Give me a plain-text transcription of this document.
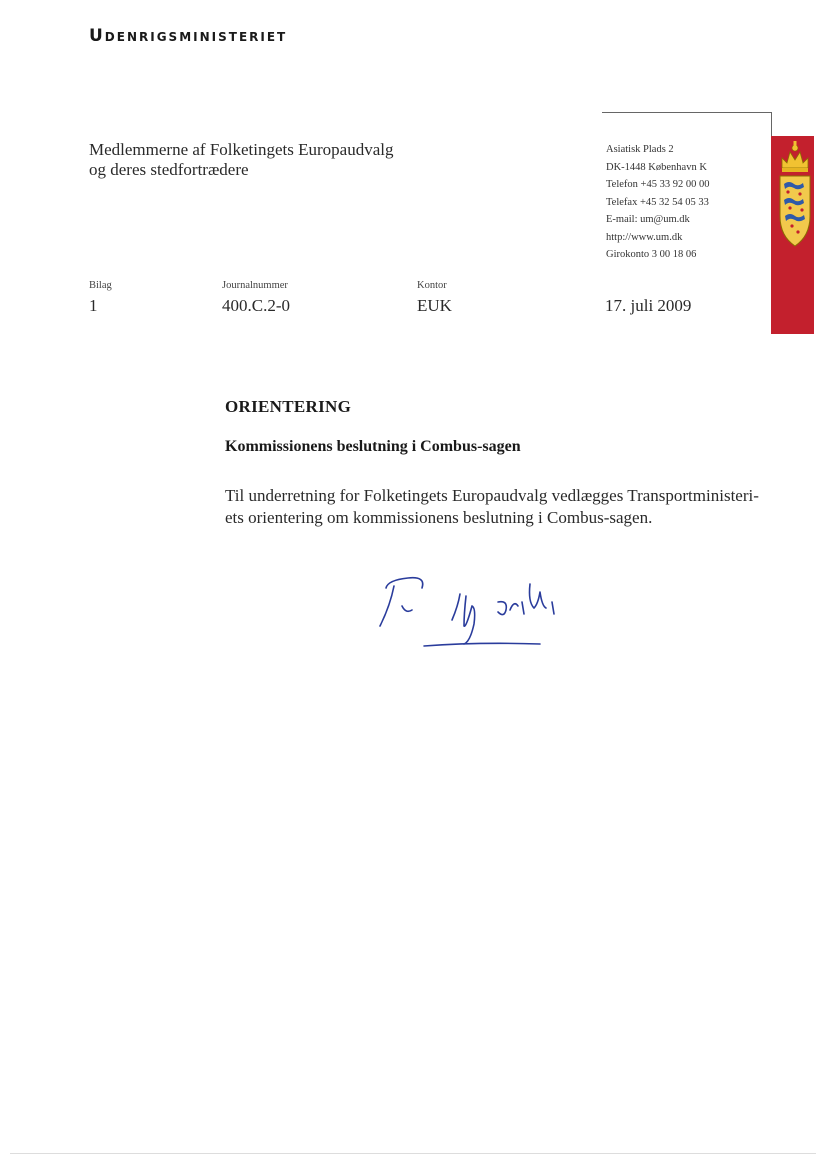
Udenrigsministeriet
Medlemmerne af Folketingets Europaudvalg
og deres stedfortrædere
Asiatisk Plads 2
DK-1448 København K
Telefon +45 33 92 00 00
Telefax +45 32 54 05 33
E-mail: um@um.dk
http://www.um.dk
Girokonto 3 00 18 06
Bilag
1
Journalnummer
400.C.2-0
Kontor
EUK	17. juli 2009
ORIENTERING
Kommissionens beslutning i Combus-sagen
Til underretning for Folketingets Europaudvalg vedlægges Transportministeri-
ets orientering om kommissionens beslutning i Combus-sagen.
